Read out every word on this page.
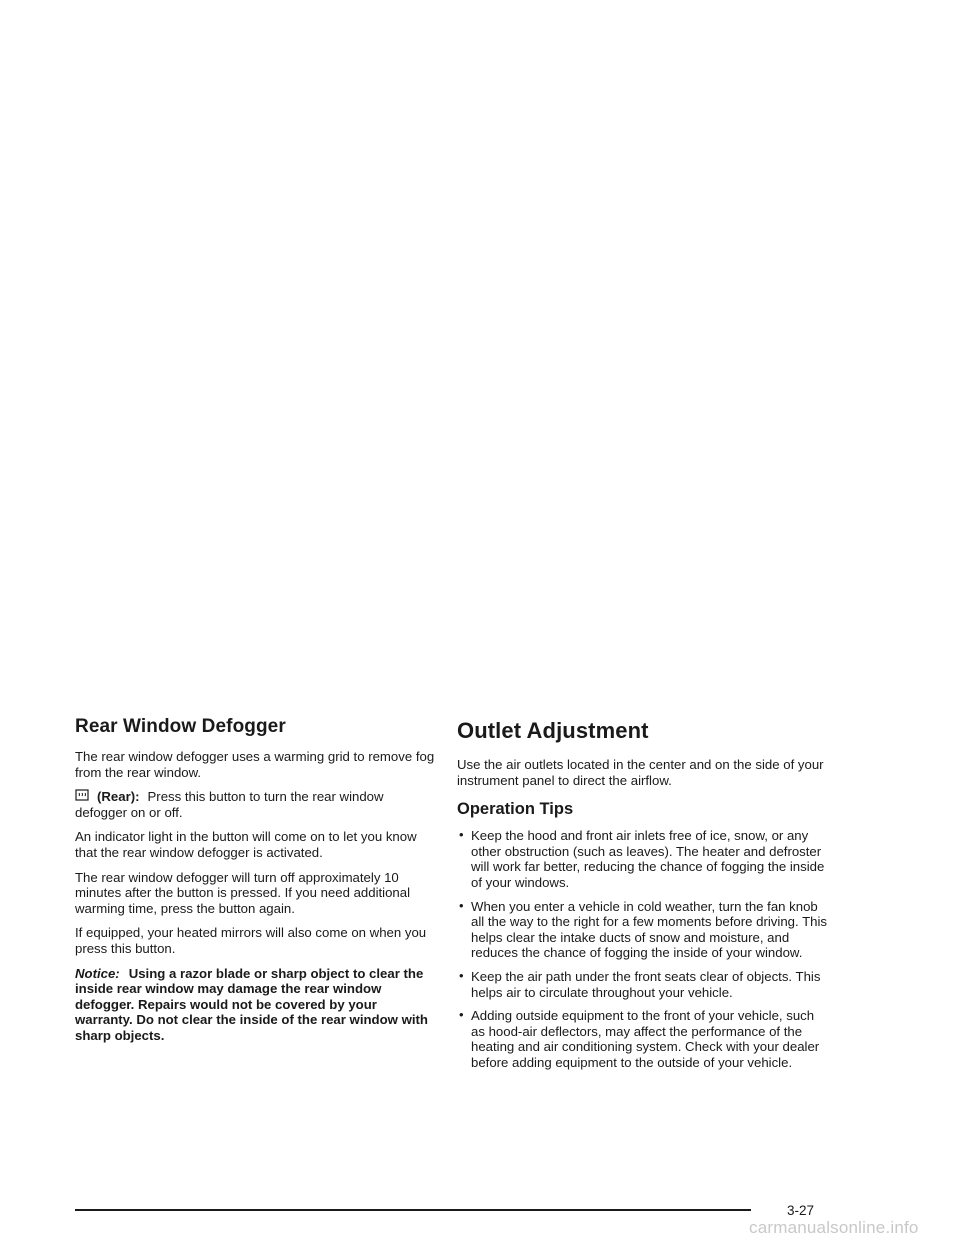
Rear Window Defogger

The rear window defogger uses a warming grid to remove fog from the rear window.

(Rear): Press this button to turn the rear window defogger on or off.

An indicator light in the button will come on to let you know that the rear window defogger is activated.

The rear window defogger will turn off approximately 10 minutes after the button is pressed. If you need additional warming time, press the button again.

If equipped, your heated mirrors will also come on when you press this button.

Notice: Using a razor blade or sharp object to clear the inside rear window may damage the rear window defogger. Repairs would not be covered by your warranty. Do not clear the inside of the rear window with sharp objects.

Outlet Adjustment

Use the air outlets located in the center and on the side of your instrument panel to direct the airflow.

Operation Tips
• Keep the hood and front air inlets free of ice, snow, or any other obstruction (such as leaves). The heater and defroster will work far better, reducing the chance of fogging the inside of your windows.
• When you enter a vehicle in cold weather, turn the fan knob all the way to the right for a few moments before driving. This helps clear the intake ducts of snow and moisture, and reduces the chance of fogging the inside of your window.
• Keep the air path under the front seats clear of objects. This helps air to circulate throughout your vehicle.
• Adding outside equipment to the front of your vehicle, such as hood-air deflectors, may affect the performance of the heating and air conditioning system. Check with your dealer before adding equipment to the outside of your vehicle.
3-27
carmanualsonline.info
